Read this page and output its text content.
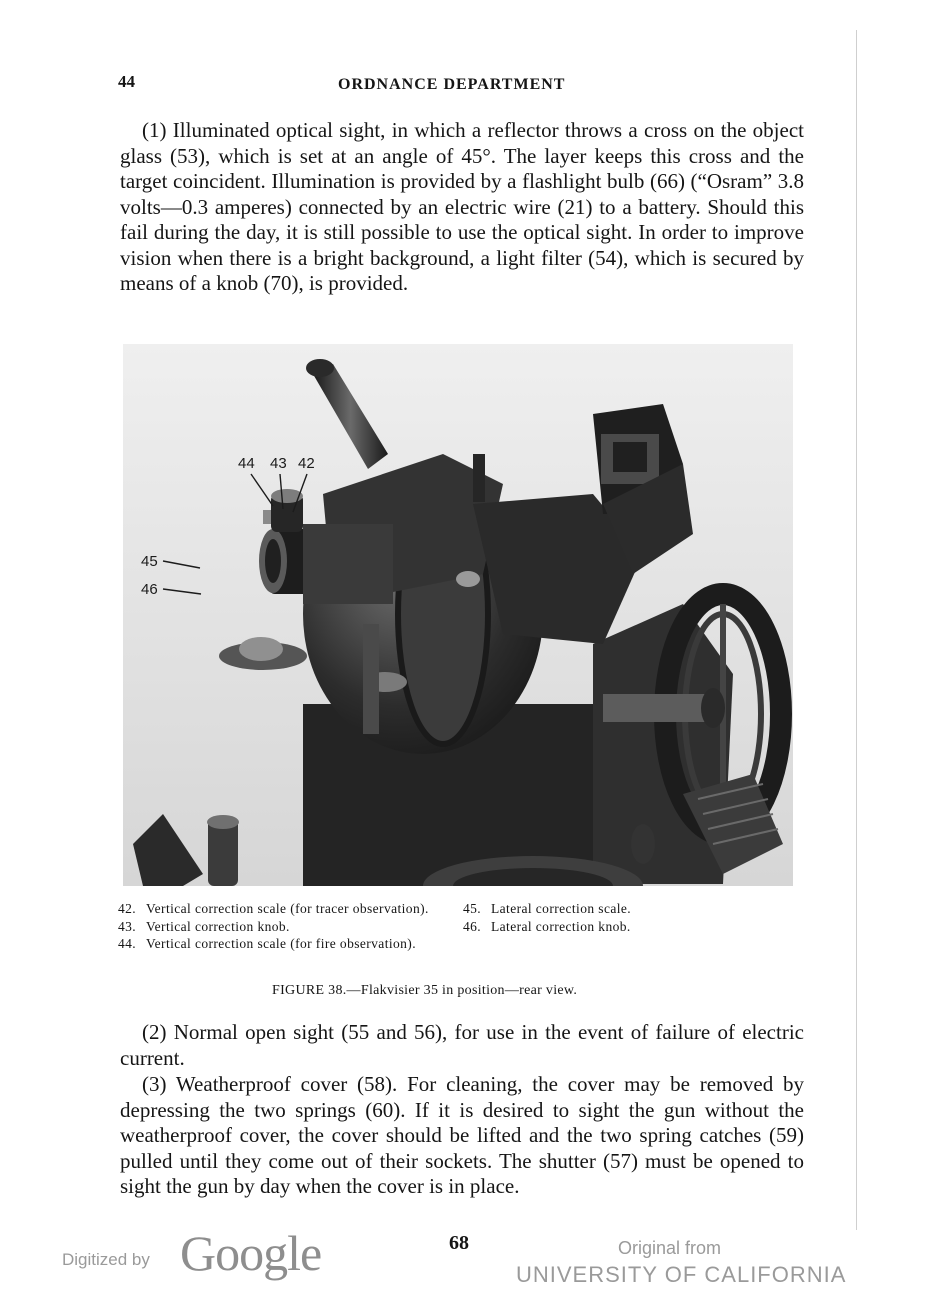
44	ORDNANCE DEPARTMENT

(1) Illuminated optical sight, in which a reflector throws a cross on the object glass (53), which is set at an angle of 45°. The layer keeps this cross and the target coincident. Illumination is provided by a flashlight bulb (66) (“Osram” 3.8 volts—0.3 amperes) connected by an electric wire (21) to a battery. Should this fail during the day, it is still possible to use the optical sight. In order to improve vision when there is a bright background, a light filter (54), which is secured by means of a knob (70), is provided.

44 43 42
45
46
42. Vertical correction scale (for tracer observation).
43. Vertical correction knob.
44. Vertical correction scale (for fire observation).
45. Lateral correction scale.
46. Lateral correction knob.
FIGURE 38.—Flakvisier 35 in position—rear view.

(2) Normal open sight (55 and 56), for use in the event of failure of electric current.

(3) Weatherproof cover (58). For cleaning, the cover may be removed by depressing the two springs (60). If it is desired to sight the gun without the weatherproof cover, the cover should be lifted and the two spring catches (59) pulled until they come out of their sockets. The shutter (57) must be opened to sight the gun by day when the cover is in place.

68
Digitized by Google	Original from
UNIVERSITY OF CALIFORNIA
